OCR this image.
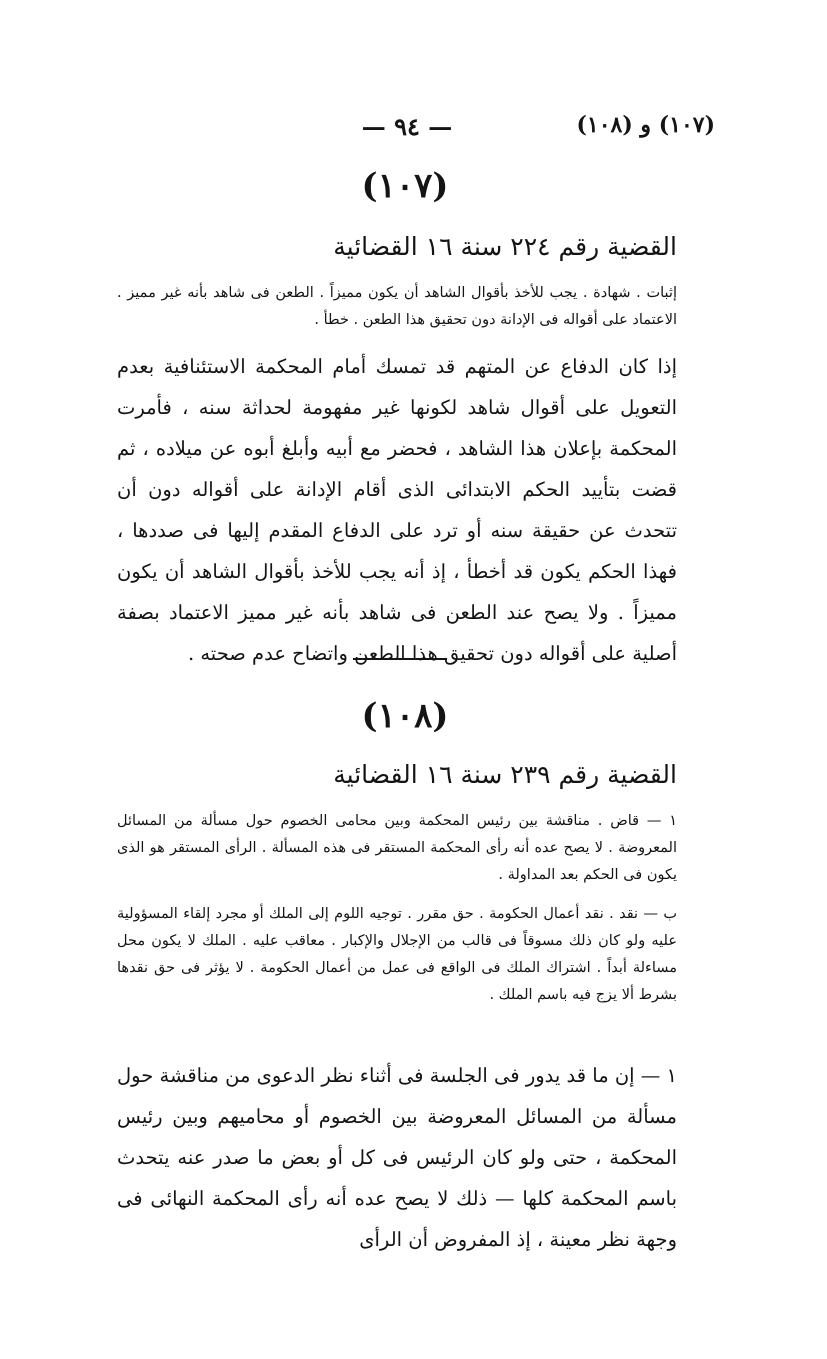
(١٠٧) و (١٠٨)
— ٩٤ —
(١٠٧)
القضية رقم ٢٢٤ سنة ١٦ القضائية

إثبات . شهادة . يجب للأخذ بأقوال الشاهد أن يكون مميزاً . الطعن فى شاهد بأنه غير مميز . الاعتماد على أقواله فى الإدانة دون تحقيق هذا الطعن . خطأ .

إذا كان الدفاع عن المتهم قد تمسك أمام المحكمة الاستئنافية بعدم التعويل على أقوال شاهد لكونها غير مفهومة لحداثة سنه ، فأمرت المحكمة بإعلان هذا الشاهد ، فحضر مع أبيه وأبلغ أبوه عن ميلاده ، ثم قضت بتأييد الحكم الابتدائى الذى أقام الإدانة على أقواله دون أن تتحدث عن حقيقة سنه أو ترد على الدفاع المقدم إليها فى صددها ، فهذا الحكم يكون قد أخطأ ، إذ أنه يجب للأخذ بأقوال الشاهد أن يكون مميزاً . ولا يصح عند الطعن فى شاهد بأنه غير مميز الاعتماد بصفة أصلية على أقواله دون تحقيق هذا الطعن واتضاح عدم صحته .

(١٠٨)
القضية رقم ٢٣٩ سنة ١٦ القضائية

١ — قاض . مناقشة بين رئيس المحكمة وبين محامى الخصوم حول مسألة من المسائل المعروضة . لا يصح عده أنه رأى المحكمة المستقر فى هذه المسألة . الرأى المستقر هو الذى يكون فى الحكم بعد المداولة .

ب — نقد . نقد أعمال الحكومة . حق مقرر . توجيه اللوم إلى الملك أو مجرد إلقاء المسؤولية عليه ولو كان ذلك مسوقاً فى قالب من الإجلال والإكبار . معاقب عليه . الملك لا يكون محل مساءلة أبداً . اشتراك الملك فى الواقع فى عمل من أعمال الحكومة . لا يؤثر فى حق نقدها بشرط ألا يزج فيه باسم الملك .

١ — إن ما قد يدور فى الجلسة فى أثناء نظر الدعوى من مناقشة حول مسألة من المسائل المعروضة بين الخصوم أو محاميهم وبين رئيس المحكمة ، حتى ولو كان الرئيس فى كل أو بعض ما صدر عنه يتحدث باسم المحكمة كلها — ذلك لا يصح عده أنه رأى المحكمة النهائى فى وجهة نظر معينة ، إذ المفروض أن الرأى
